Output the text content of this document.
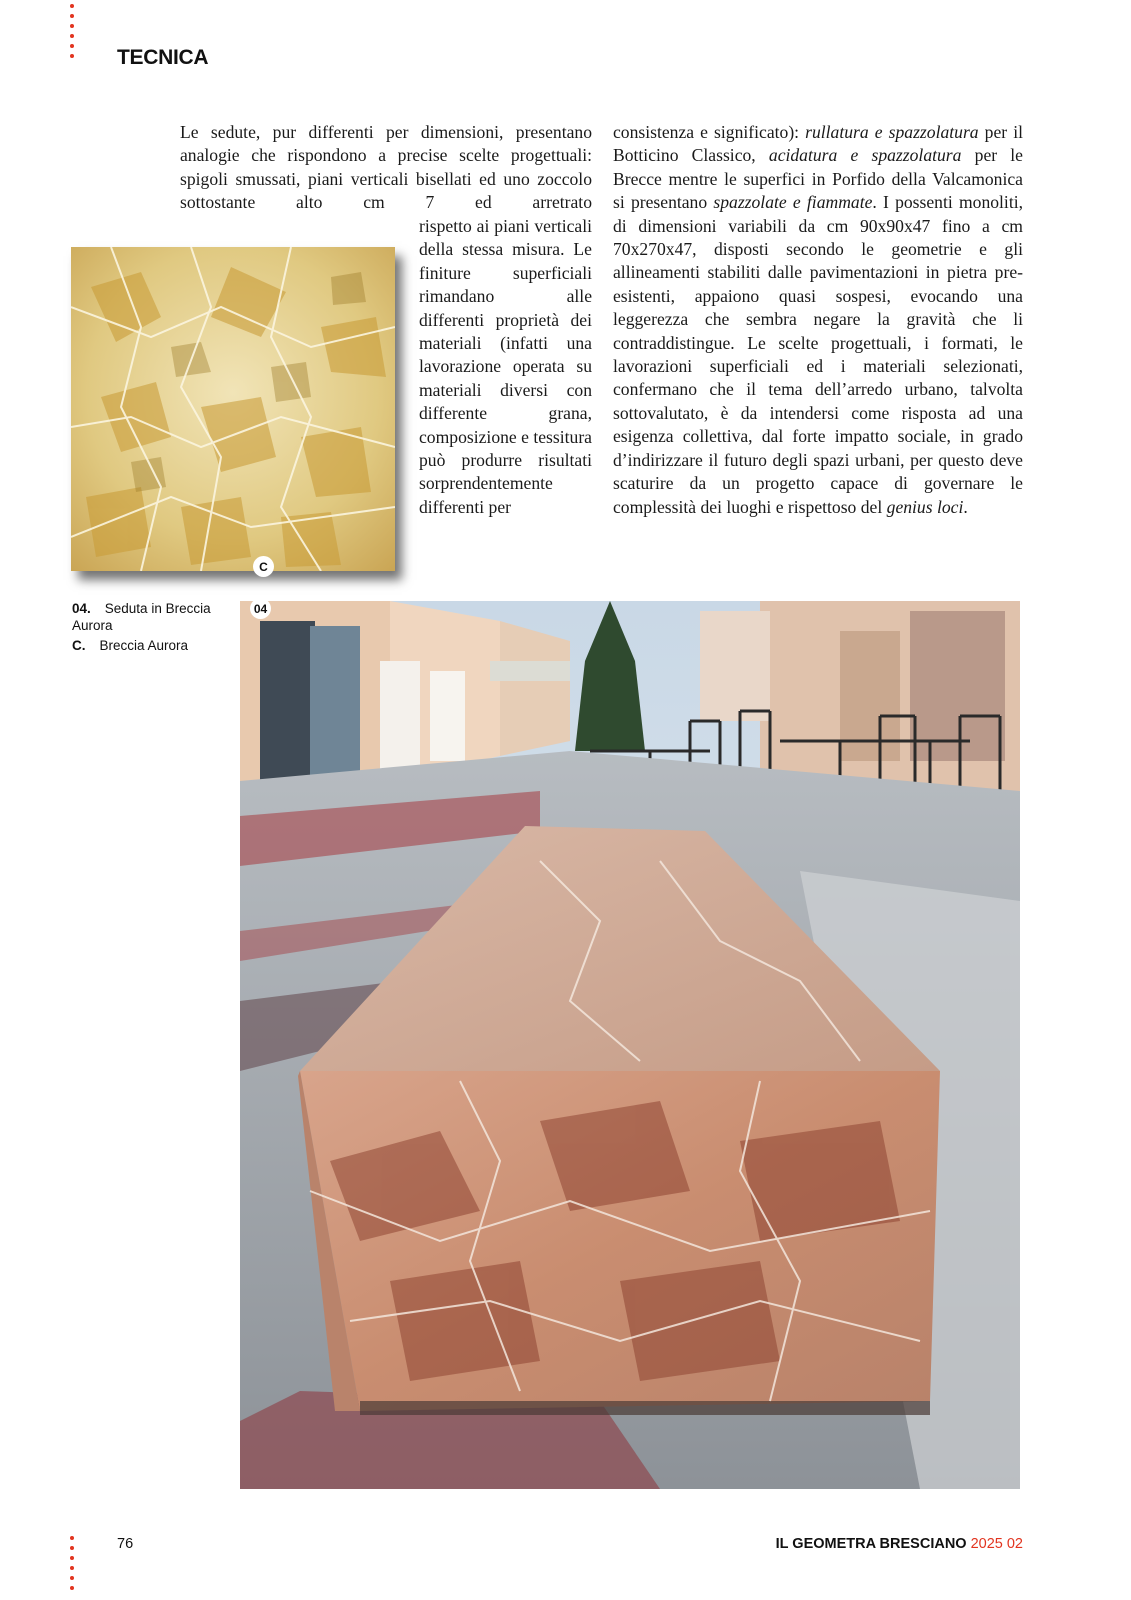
TECNICA

Le sedute, pur differenti per dimensioni, presentano analogie che rispondono a precise scelte progettuali: spigoli smussati, piani verticali bisellati ed uno zoccolo sottostante alto cm 7 ed arretrato

rispetto ai piani verticali della stessa misura. Le finiture superficiali rimandano alle differenti proprietà dei materiali (infatti una lavorazione operata su materiali diversi con differente grana, composizione e tessitura può produrre risultati sorprendentemente differenti per

consistenza e significato): rullatura e spazzolatura per il Botticino Classico, acidatura e spazzolatura per le Brecce mentre le superfici in Porfido della Valcamonica si presentano spazzolate e fiammate. I possenti monoliti, di dimensioni variabili da cm 90x90x47 fino a cm 70x270x47, disposti secondo le geometrie e gli allineamenti stabiliti dalle pavimentazioni in pietra pre-esistenti, appaiono quasi sospesi, evocando una leggerezza che sembra negare la gravità che li contraddistingue. Le scelte progettuali, i formati, le lavorazioni superficiali ed i materiali selezionati, confermano che il tema dell’arredo urbano, talvolta sottovalutato, è da intendersi come risposta ad una esigenza collettiva, dal forte impatto sociale, in grado d’indirizzare il futuro degli spazi urbani, per questo deve scaturire da un progetto capace di governare le complessità dei luoghi e rispettoso del genius loci.

C

04. Seduta in Breccia Aurora

C. Breccia Aurora

04
76	IL GEOMETRA BRESCIANO 2025 02
